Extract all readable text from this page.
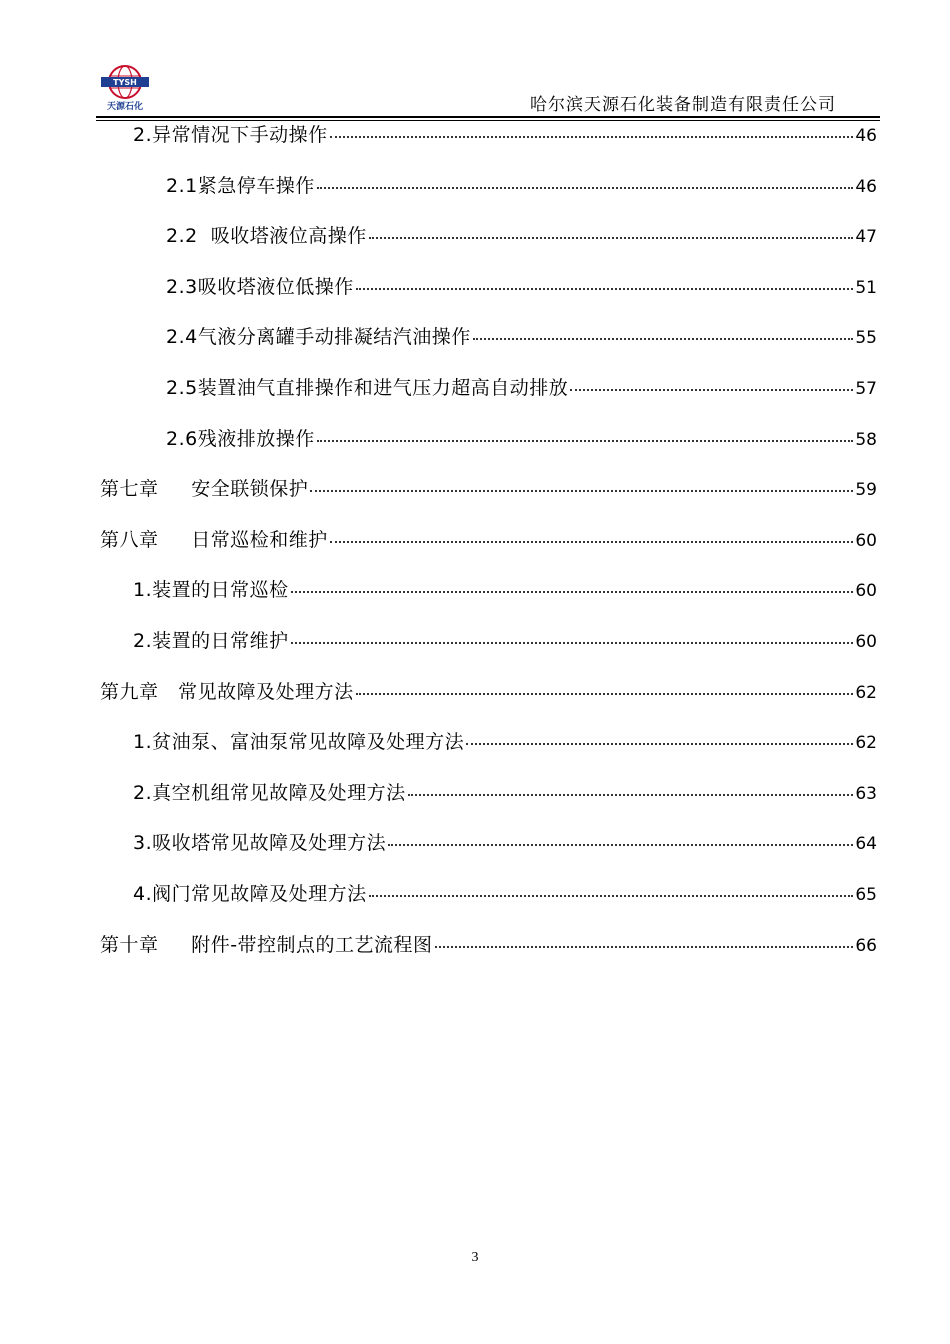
TYSH
天源石化	哈尔滨天源石化装备制造有限责任公司
2.异常情况下手动操作	46
2.1紧急停车操作	46
2.2  吸收塔液位高操作	47
2.3吸收塔液位低操作	51
2.4气液分离罐手动排凝结汽油操作	55
2.5装置油气直排操作和进气压力超高自动排放	57
2.6残液排放操作	58
第七章     安全联锁保护	59
第八章     日常巡检和维护	60
1.装置的日常巡检	60
2.装置的日常维护	60
第九章   常见故障及处理方法	62
1.贫油泵、富油泵常见故障及处理方法	62
2.真空机组常见故障及处理方法	63
3.吸收塔常见故障及处理方法	64
4.阀门常见故障及处理方法	65
第十章     附件-带控制点的工艺流程图	66
3
